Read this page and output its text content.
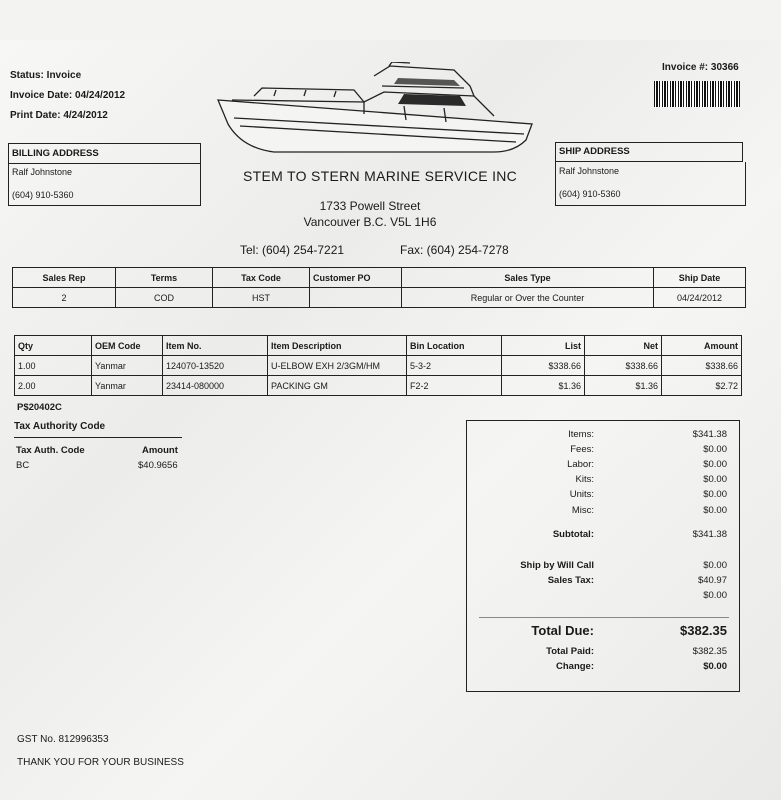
Status: Invoice
Invoice Date: 04/24/2012
Print Date: 4/24/2012
Invoice #: 30366
BILLING ADDRESS
Ralf Johnstone
(604) 910-5360
SHIP ADDRESS
Ralf Johnstone
(604) 910-5360
STEM TO STERN MARINE SERVICE INC
1733 Powell Street
Vancouver B.C. V5L 1H6
Tel: (604) 254-7221	Fax: (604) 254-7278
Sales Rep	Terms	Tax Code	Customer PO	Sales Type	Ship Date
2	COD	HST		Regular or Over the Counter	04/24/2012
Qty	OEM Code	Item No.	Item Description	Bin Location	List	Net	Amount
1.00	Yanmar	124070-13520	U-ELBOW EXH 2/3GM/HM	5-3-2	$338.66	$338.66	$338.66
2.00	Yanmar	23414-080000	PACKING GM	F2-2	$1.36	$1.36	$2.72
P$20402C
Tax Authority Code
Tax Auth. Code	Amount
BC	$40.9656
Items:	$341.38
Fees:	$0.00
Labor:	$0.00
Kits:	$0.00
Units:	$0.00
Misc:	$0.00
Subtotal:	$341.38
Ship by Will Call	$0.00
Sales Tax:	$40.97
$0.00
Total Due:	$382.35
Total Paid:	$382.35
Change:	$0.00
GST No. 812996353
THANK YOU FOR YOUR BUSINESS
